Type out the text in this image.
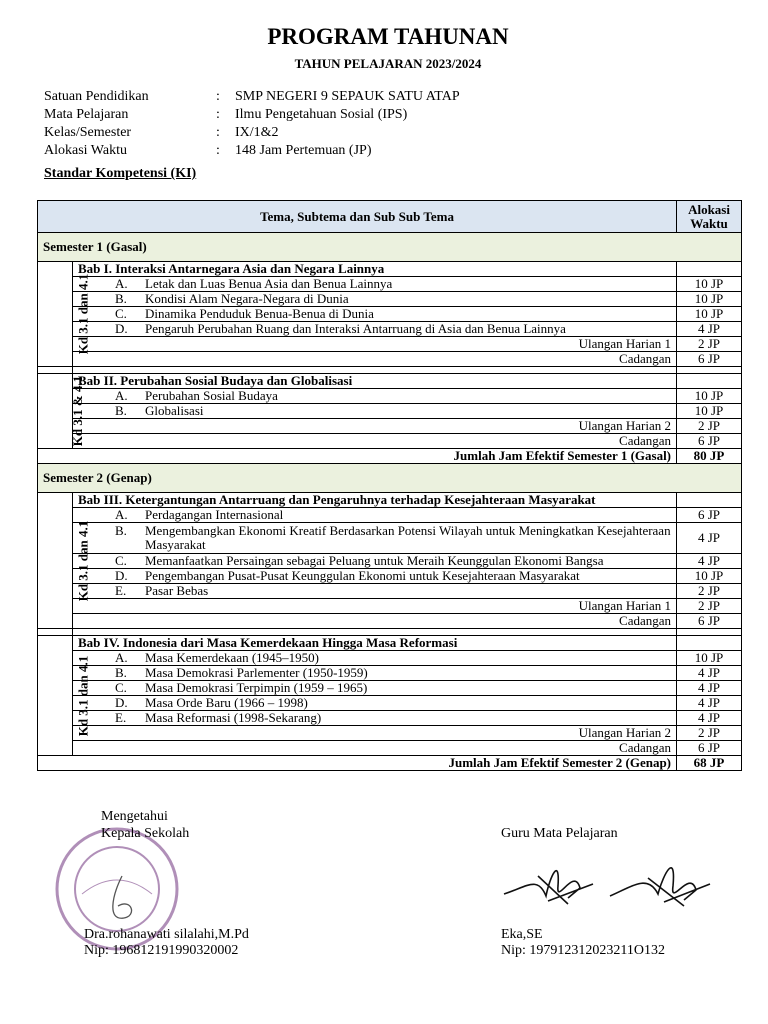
PROGRAM TAHUNAN
TAHUN PELAJARAN 2023/2024
Satuan Pendidikan	: SMP NEGERI 9 SEPAUK SATU ATAP
Mata Pelajaran	: Ilmu Pengetahuan Sosial (IPS)
Kelas/Semester	: IX/1&2
Alokasi Waktu	: 148 Jam Pertemuan (JP)
Standar Kompetensi (KI)
Tema, Subtema dan Sub Sub Tema		Alokasi
Waktu
Semester 1 (Gasal)		
Kd 3.1 dan 4.1	Bab I. Interaksi Antarnegara Asia dan Negara Lainnya	

	A. Letak dan Luas Benua Asia dan Benua Lainnya	10 JP

	B. Kondisi Alam Negara-Negara di Dunia	10 JP

	C. Dinamika Penduduk Benua-Benua di Dunia	10 JP

	D. Pengaruh Perubahan Ruang dan Interaksi Antarruang di Asia dan Benua Lainnya	4 JP
	Ulangan Harian 1	2 JP
	Cadangan	6 JP

Kd 3.1 & 4.1	Bab II. Perubahan Sosial Budaya dan Globalisasi	

	A. Perubahan Sosial Budaya	10 JP

	B. Globalisasi	10 JP
	Ulangan Harian 2	2 JP
	Cadangan	6 JP
Jumlah Jam Efektif Semester 1 (Gasal)		80 JP
Semester 2 (Genap)		
Kd 3.1 dan 4.1	Bab III. Ketergantungan Antarruang dan Pengaruhnya terhadap Kesejahteraan Masyarakat	

	A. Perdagangan Internasional	6 JP

	B. Mengembangkan Ekonomi Kreatif Berdasarkan Potensi Wilayah untuk Meningkatkan Kesejahteraan Masyarakat	4 JP

	C. Memanfaatkan Persaingan sebagai Peluang untuk Meraih Keunggulan Ekonomi Bangsa	4 JP

	D. Pengembangan Pusat-Pusat Keunggulan Ekonomi untuk Kesejahteraan Masyarakat	10 JP

	E. Pasar Bebas	2 JP
	Ulangan Harian 1	2 JP
	Cadangan	6 JP

Kd 3.1 dan 4.1	Bab IV. Indonesia dari Masa Kemerdekaan Hingga Masa Reformasi	

	A. Masa Kemerdekaan (1945–1950)	10 JP

	B. Masa Demokrasi Parlementer (1950-1959)	4 JP

	C. Masa Demokrasi Terpimpin (1959 – 1965)	4 JP

	D. Masa Orde Baru (1966 – 1998)	4 JP

	E. Masa Reformasi (1998-Sekarang)	4 JP
	Ulangan Harian 2	2 JP
	Cadangan	6 JP
Jumlah Jam Efektif Semester 2 (Genap)		68 JP
Mengetahui
Kepala Sekolah
Dra.rohanawati silalahi,M.Pd
Nip: 196812191990320002
Guru Mata Pelajaran
Eka,SE
Nip: 197912312023211O132
